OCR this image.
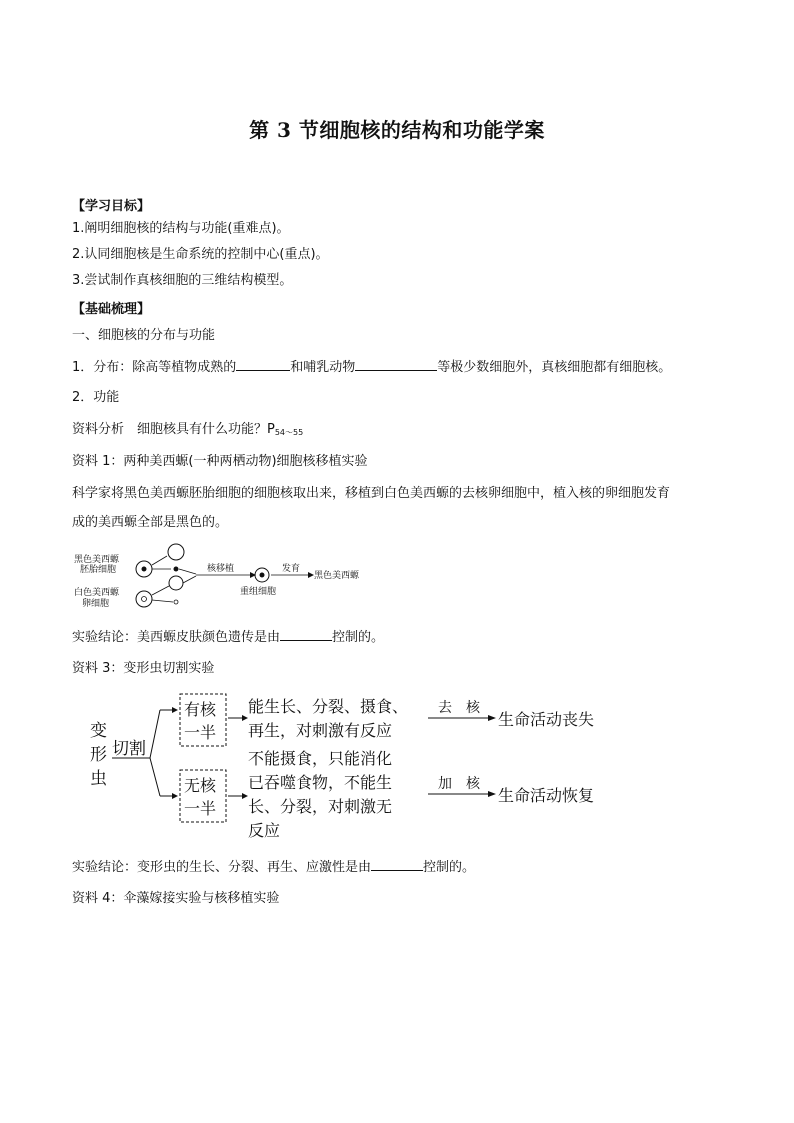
第 3 节细胞核的结构和功能学案
【学习目标】
1.阐明细胞核的结构与功能(重难点)。
2.认同细胞核是生命系统的控制中心(重点)。
3.尝试制作真核细胞的三维结构模型。
【基础梳理】
一、细胞核的分布与功能
1．分布：除高等植物成熟的	和哺乳动物	等极少数细胞外，真核细胞都有细胞核。
2．功能
资料分析　细胞核具有什么功能？$P_{54\sim 55}$
资料 1：两种美西螈(一种两栖动物)细胞核移植实验
科学家将黑色美西螈胚胎细胞的细胞核取出来，移植到白色美西螈的去核卵细胞中，植入核的卵细胞发育
成的美西螈全部是黑色的。
黑色美西螈
胚胎细胞
白色美西螈
卵细胞
核移植
重组细胞
发育
黑色美西螈
实验结论：美西螈皮肤颜色遗传是由	控制的。
资料 3：变形虫切割实验
变
形
虫
切割
有核
一半
能生长、分裂、摄食、
再生，对刺激有反应
去　核
生命活动丧失
无核
一半
不能摄食，只能消化
已吞噬食物，不能生
长、分裂，对刺激无
反应
加　核
生命活动恢复
实验结论：变形虫的生长、分裂、再生、应激性是由	控制的。
资料 4：伞藻嫁接实验与核移植实验
